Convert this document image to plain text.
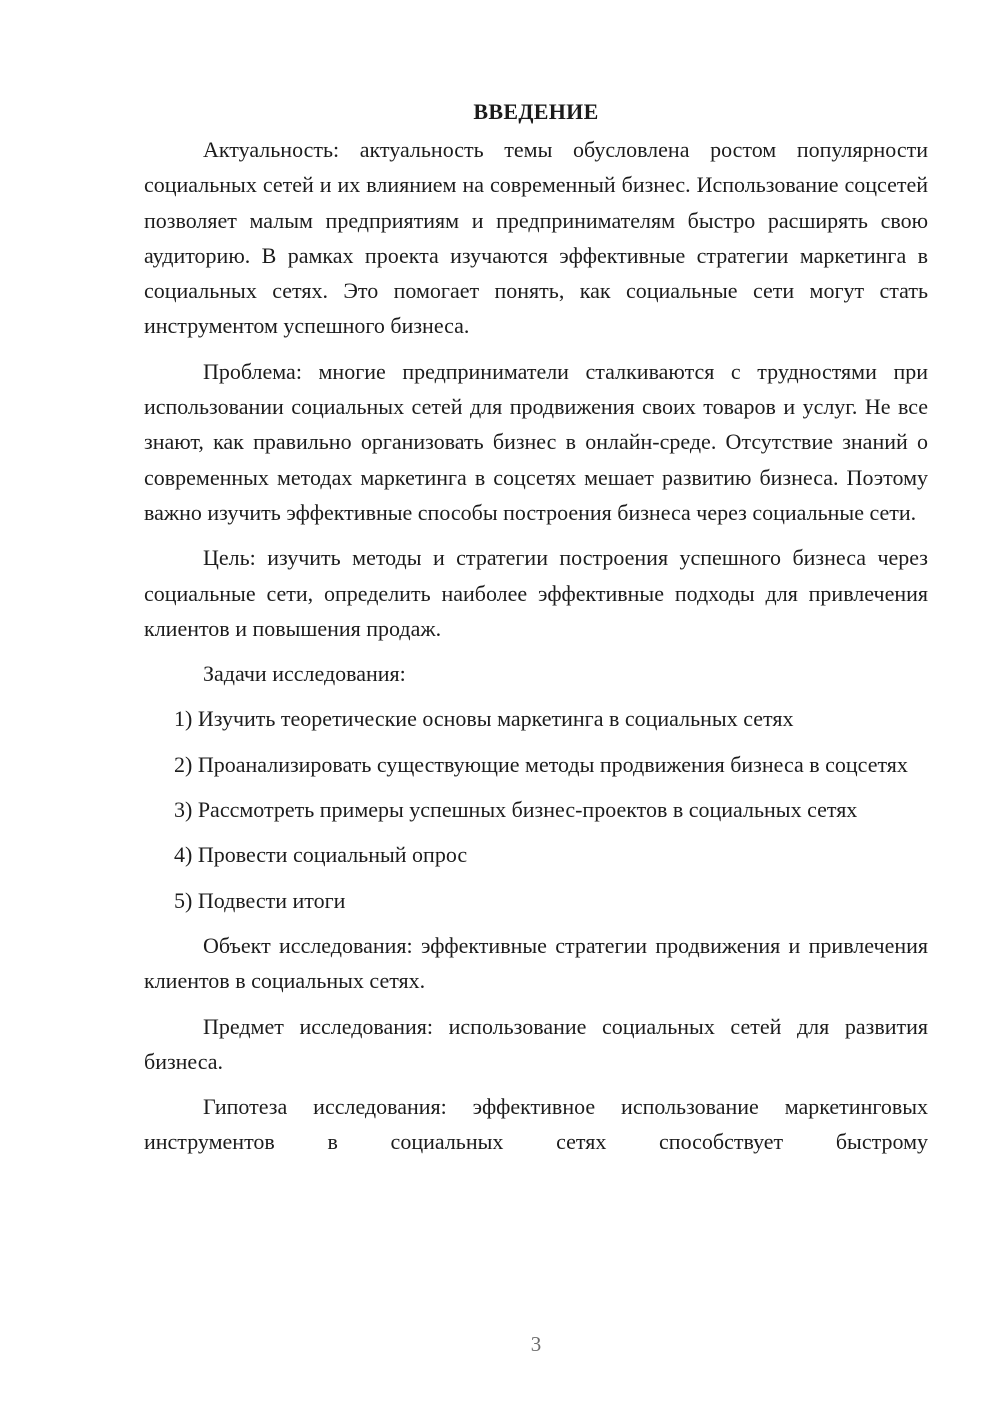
ВВЕДЕНИЕ

Актуальность: актуальность темы обусловлена ростом популярности социальных сетей и их влиянием на современный бизнес. Использование соцсетей позволяет малым предприятиям и предпринимателям быстро расширять свою аудиторию. В рамках проекта изучаются эффективные стратегии маркетинга в социальных сетях. Это помогает понять, как социальные сети могут стать инструментом успешного бизнеса.

Проблема: многие предприниматели сталкиваются с трудностями при использовании социальных сетей для продвижения своих товаров и услуг. Не все знают, как правильно организовать бизнес в онлайн-среде. Отсутствие знаний о современных методах маркетинга в соцсетях мешает развитию бизнеса. Поэтому важно изучить эффективные способы построения бизнеса через социальные сети.

Цель: изучить методы и стратегии построения успешного бизнеса через социальные сети, определить наиболее эффективные подходы для привлечения клиентов и повышения продаж.

Задачи исследования:

1) Изучить теоретические основы маркетинга в социальных сетях

2) Проанализировать существующие методы продвижения бизнеса в соцсетях

3) Рассмотреть примеры успешных бизнес-проектов в социальных сетях

4) Провести социальный опрос

5) Подвести итоги

Объект исследования: эффективные стратегии продвижения и привлечения клиентов в социальных сетях.

Предмет исследования: использование социальных сетей для развития бизнеса.

Гипотеза исследования: эффективное использование маркетинговых инструментов в социальных сетях способствует быстрому

3
